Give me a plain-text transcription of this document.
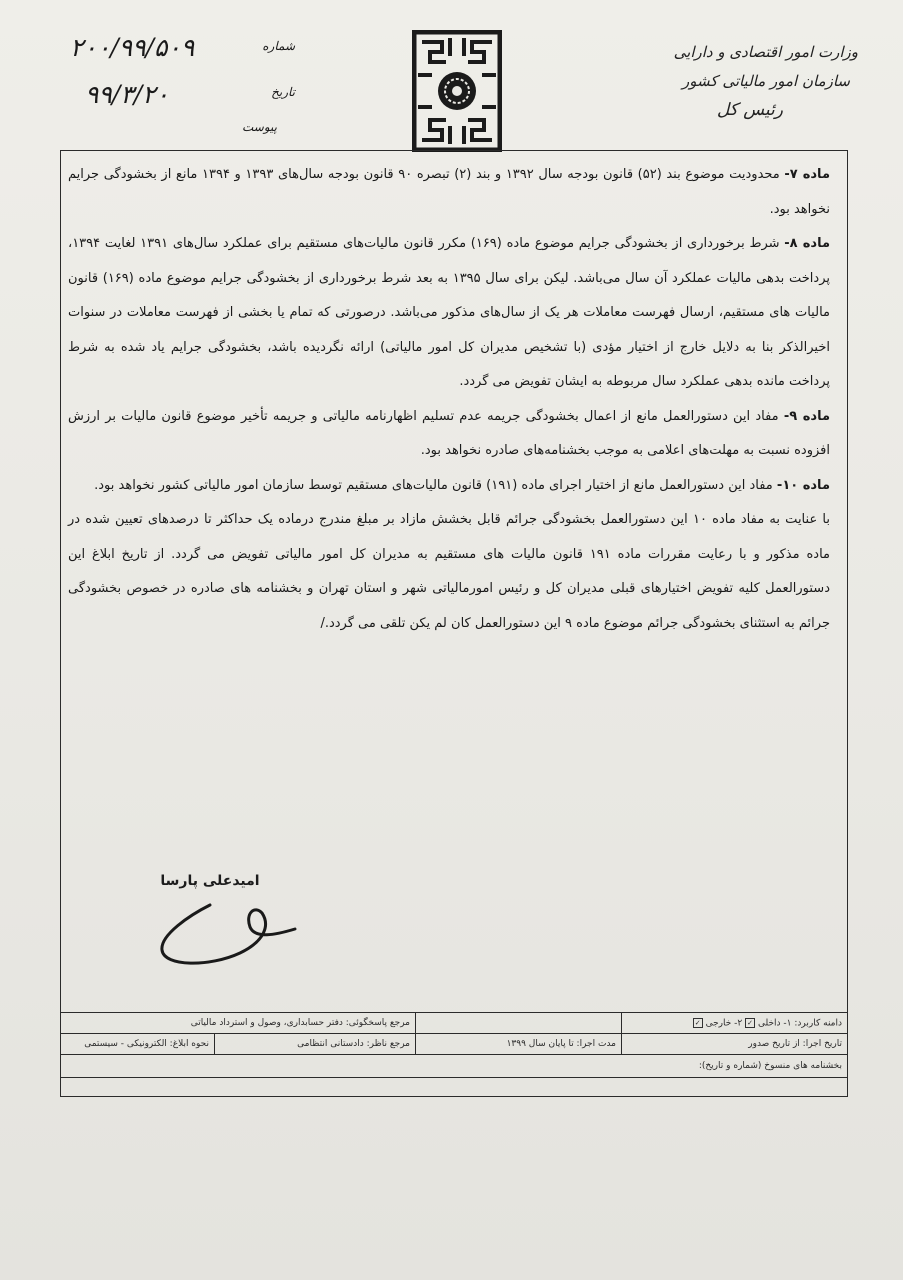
وزارت امور اقتصادی و دارایی
سازمان امور مالیاتی کشور
رئیس کل
۲۰۰/۹۹/۵۰۹	شماره
۹۹/۳/۲۰	تاریخ
پیوست

ماده ۷- محدودیت موضوع بند (۵۲) قانون بودجه سال ۱۳۹۲ و بند (۲) تبصره ۹۰ قانون بودجه سال‌های ۱۳۹۳ و ۱۳۹۴ مانع از بخشودگی جرایم نخواهد بود.

ماده ۸- شرط برخورداری از بخشودگی جرایم موضوع ماده (۱۶۹) مکرر قانون مالیات‌های مستقیم برای عملکرد سال‌های ۱۳۹۱ لغایت ۱۳۹۴، پرداخت بدهی مالیات عملکرد آن سال می‌باشد. لیکن برای سال ۱۳۹۵ به بعد شرط برخورداری از بخشودگی جرایم موضوع ماده (۱۶۹) قانون مالیات های مستقیم، ارسال فهرست معاملات هر یک از سال‌های مذکور می‌باشد. درصورتی که تمام یا بخشی از فهرست معاملات در سنوات اخیرالذکر بنا به دلایل خارج از اختیار مؤدی (با تشخیص مدیران کل امور مالیاتی) ارائه نگردیده باشد، بخشودگی جرایم یاد شده به شرط پرداخت مانده بدهی عملکرد سال مربوطه به ایشان تفویض می گردد.

ماده ۹- مفاد این دستورالعمل مانع از اعمال بخشودگی جریمه عدم تسلیم اظهارنامه مالیاتی و جریمه تأخیر موضوع قانون مالیات بر ارزش افزوده نسبت به مهلت‌های اعلامی به موجب بخشنامه‌های صادره نخواهد بود.

ماده ۱۰- مفاد این دستورالعمل مانع از اختیار اجرای ماده (۱۹۱) قانون مالیات‌های مستقیم توسط سازمان امور مالیاتی کشور نخواهد بود.

با عنایت به مفاد ماده ۱۰ این دستورالعمل بخشودگی جرائم قابل بخشش مازاد بر مبلغ مندرج درماده یک حداکثر تا درصدهای تعیین شده در ماده مذکور و با رعایت مقررات ماده ۱۹۱ قانون مالیات های مستقیم به مدیران کل امور مالیاتی تفویض می گردد. از تاریخ ابلاغ این دستورالعمل کلیه تفویض اختیارهای قبلی مدیران کل و رئیس امورمالیاتی شهر و استان تهران و بخشنامه های صادره در خصوص بخشودگی جرائم به استثنای بخشودگی جرائم موضوع ماده ۹ این دستورالعمل کان لم یکن تلقی می گردد./

امیدعلی پارسا
دامنه کاربرد: ۱- داخلی ✓ ۲- خارجی ✓		مرجع پاسخگوئی: دفتر حسابداری، وصول و استرداد مالیاتی	
تاریخ اجرا: از تاریخ صدور	مدت اجرا: تا پایان سال ۱۳۹۹	مرجع ناظر: دادستانی انتظامی	نحوه ابلاغ: الکترونیکی - سیستمی
بخشنامه های منسوخ (شماره و تاریخ):			
